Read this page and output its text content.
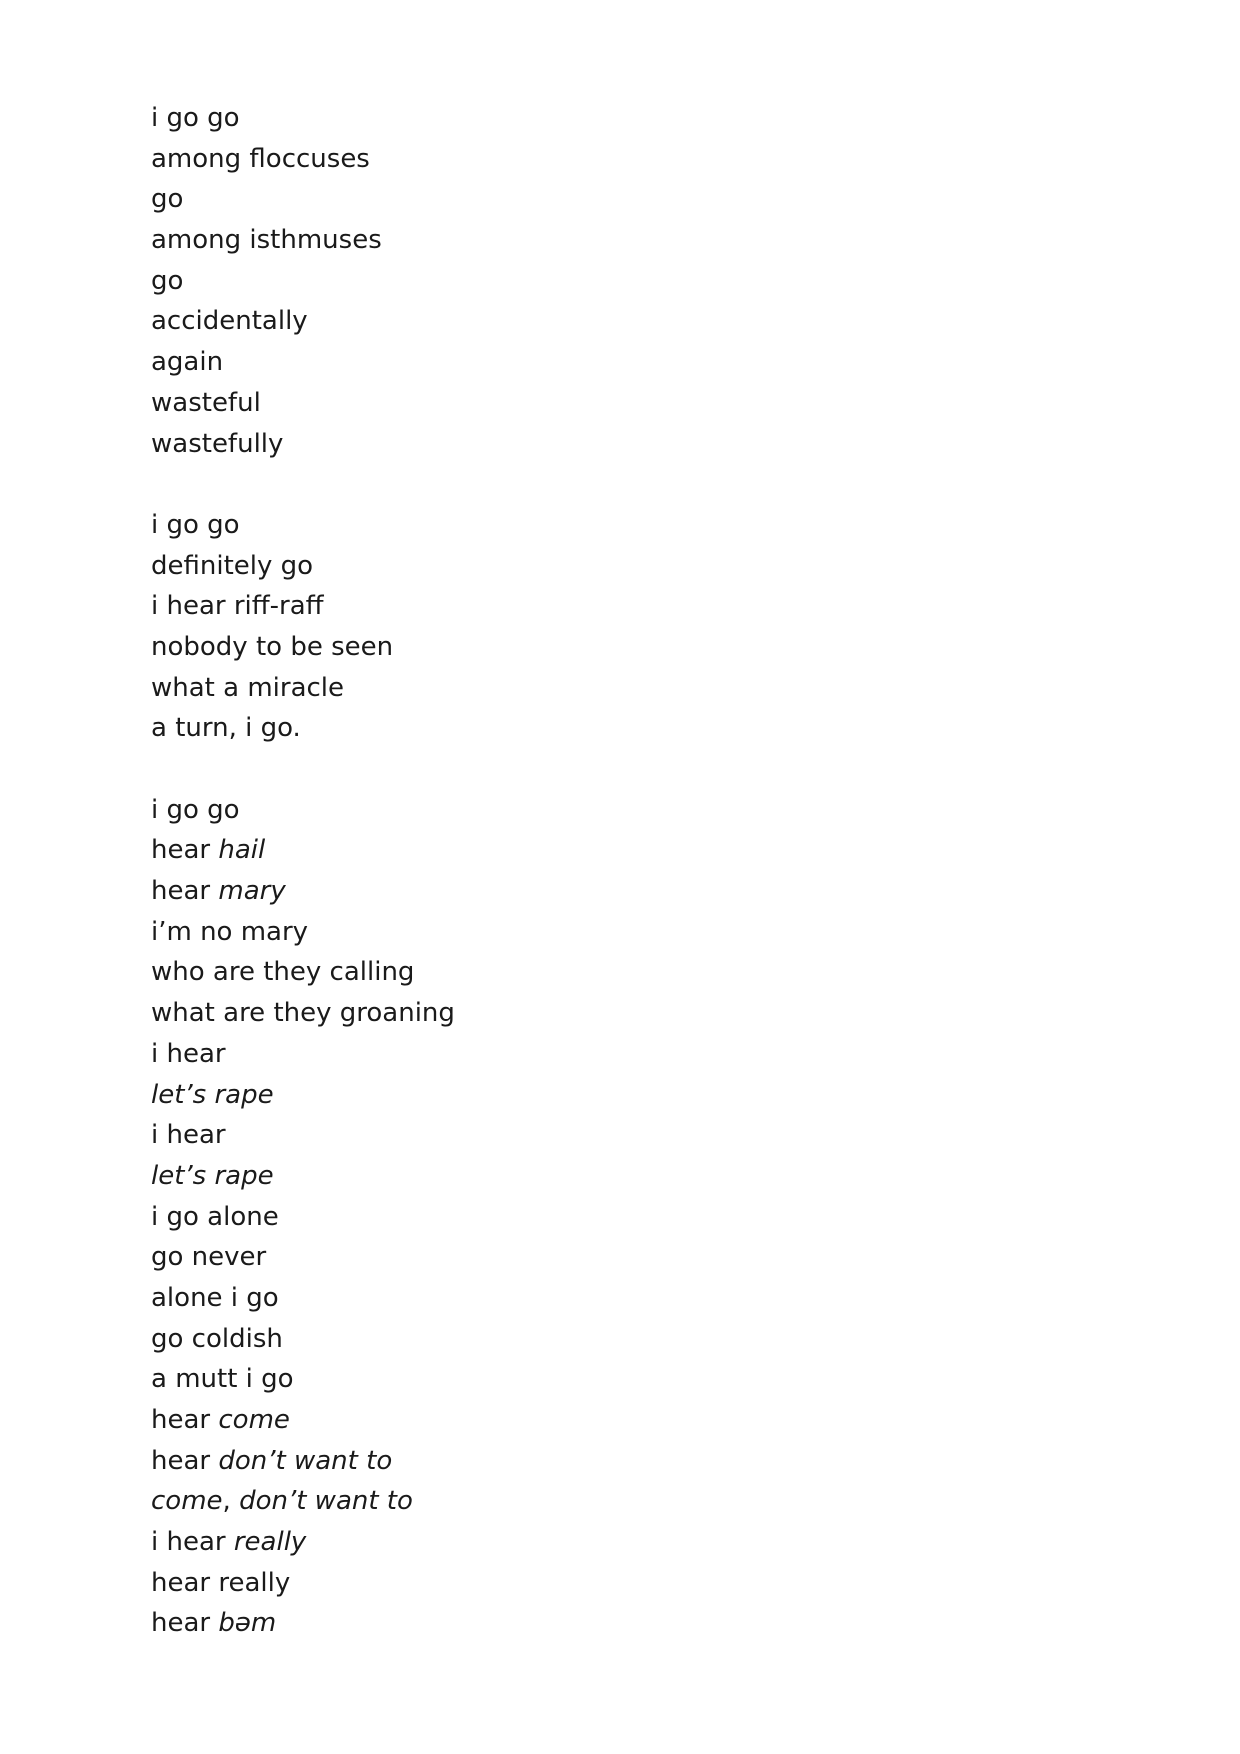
i go go
among floccuses
go
among isthmuses
go
accidentally
again
wasteful
wastefully
i go go
definitely go
i hear riff-raff
nobody to be seen
what a miracle
a turn, i go.
i go go
hear hail
hear mary
i’m no mary
who are they calling
what are they groaning
i hear
let’s rape
i hear
let’s rape
i go alone
go never
alone i go
go coldish
a mutt i go
hear come
hear don’t want to
come, don’t want to
i hear really
hear really
hear bəm
